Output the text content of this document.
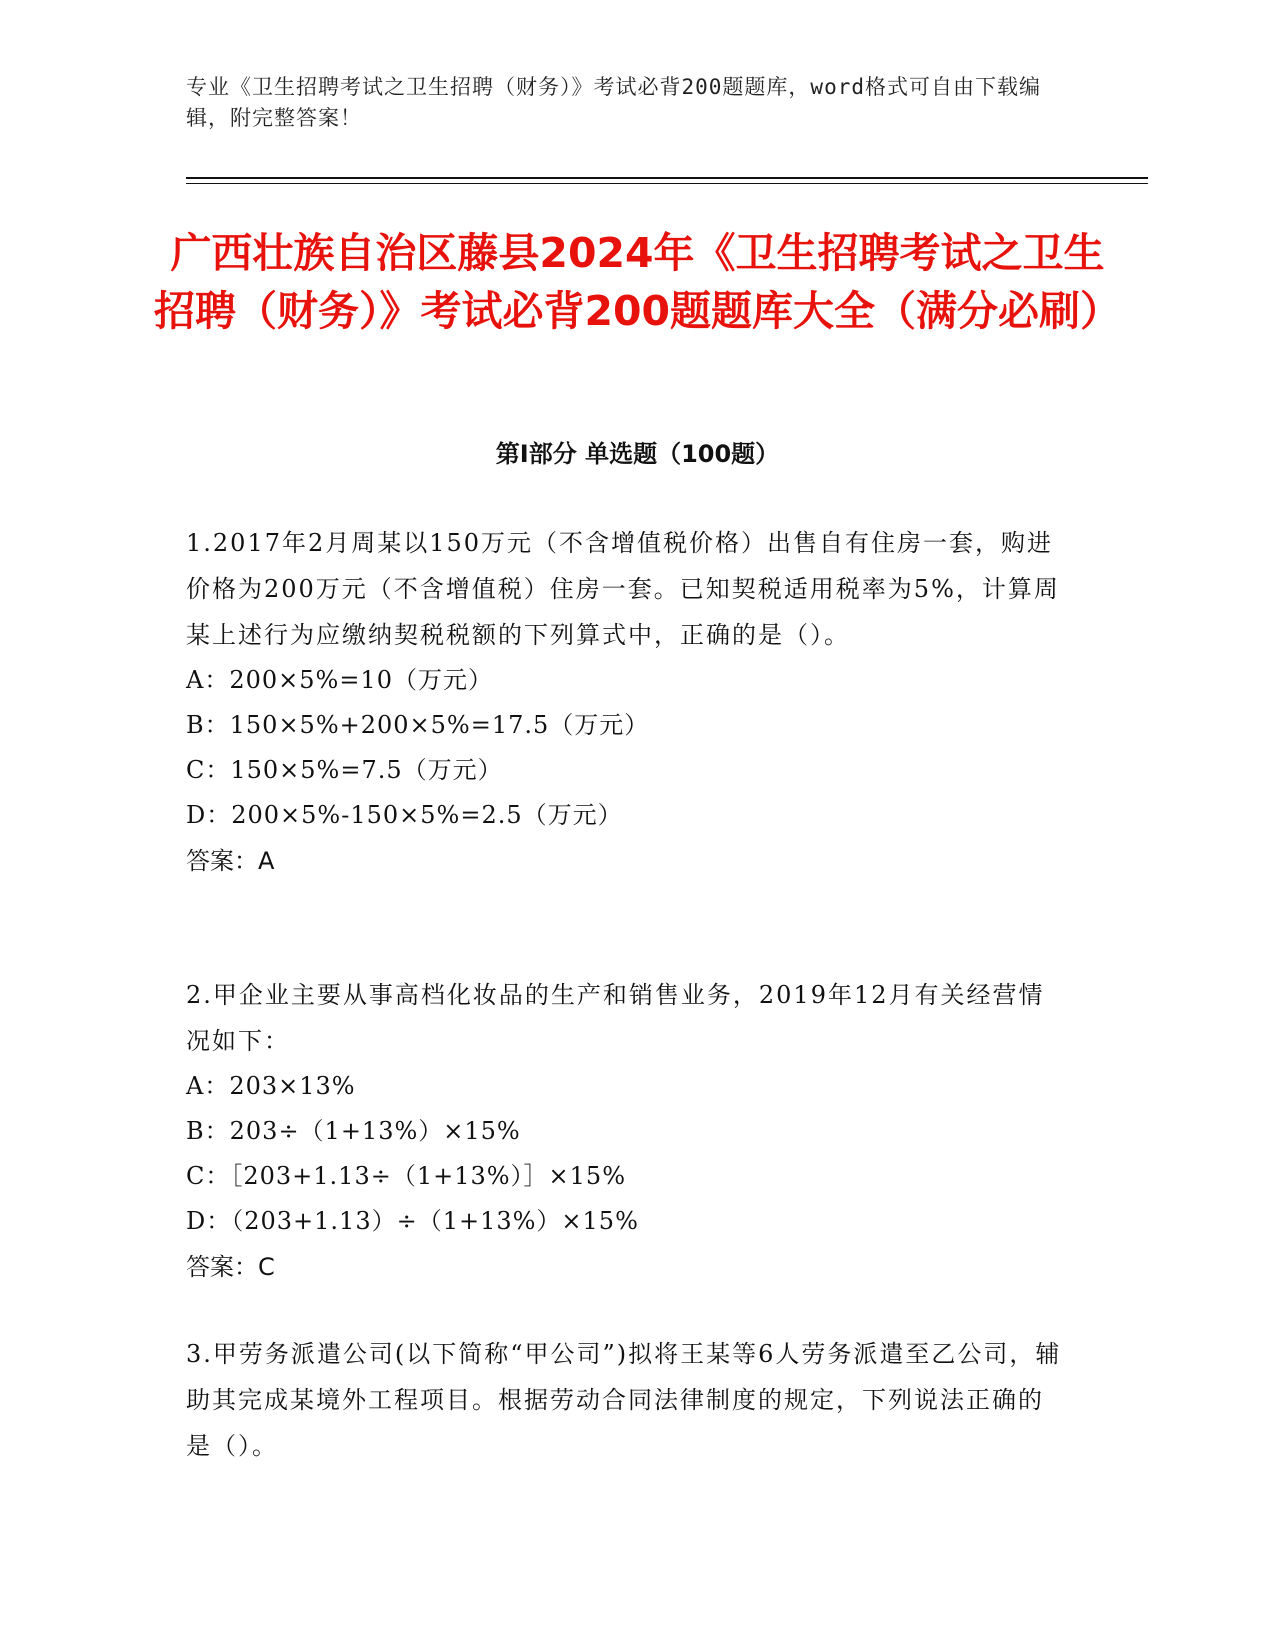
专业《卫生招聘考试之卫生招聘（财务）》考试必背200题题库，word格式可自由下载编辑，附完整答案！
广西壮族自治区藤县2024年《卫生招聘考试之卫生招聘（财务）》考试必背200题题库大全（满分必刷）
第I部分 单选题（100题）

1.2017年2月周某以150万元（不含增值税价格）出售自有住房一套，购进价格为200万元（不含增值税）住房一套。已知契税适用税率为5%，计算周某上述行为应缴纳契税税额的下列算式中，正确的是（）。

A：200×5%=10（万元）

B：150×5%+200×5%=17.5（万元）

C：150×5%=7.5（万元）

D：200×5%-150×5%=2.5（万元）

答案：A

2.甲企业主要从事高档化妆品的生产和销售业务，2019年12月有关经营情况如下：

A：203×13%

B：203÷（1+13%）×15%

C：［203+1.13÷（1+13%）］×15%

D：（203+1.13）÷（1+13%）×15%

答案：C

3.甲劳务派遣公司(以下简称“甲公司”)拟将王某等6人劳务派遣至乙公司，辅助其完成某境外工程项目。根据劳动合同法律制度的规定，下列说法正确的是（）。
